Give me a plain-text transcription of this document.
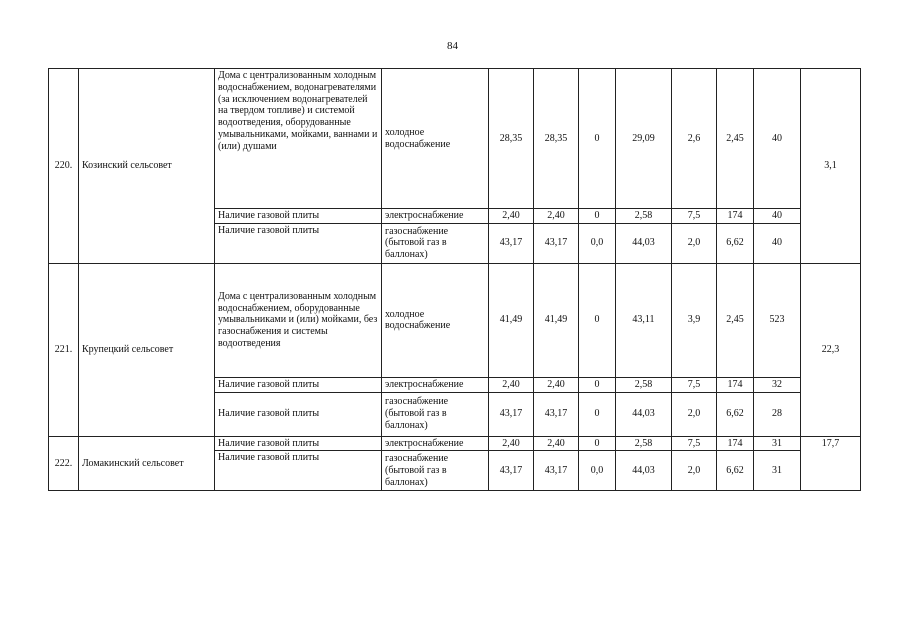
84
220.	Козинский сельсовет	Дома с централизованным холодным водоснабжением, водонагревателями (за исключением водонагревателей на твердом топливе) и системой водоотведения, оборудованные умывальниками, мойками, ваннами и (или) душами	холодное водоснабжение	28,35	28,35	0	29,09	2,6	2,45	40	3,1
		Наличие газовой плиты	электроснабжение	2,40	2,40	0	2,58	7,5	174	40	
		Наличие газовой плиты	газоснабжение (бытовой газ в баллонах)	43,17	43,17	0,0	44,03	2,0	6,62	40	
221.	Крупецкий сельсовет	Дома с централизованным холодным водоснабжением, оборудованные умывальниками и (или) мойками, без газоснабжения и системы водоотведения	холодное водоснабжение	41,49	41,49	0	43,11	3,9	2,45	523	22,3
		Наличие газовой плиты	электроснабжение	2,40	2,40	0	2,58	7,5	174	32	
		Наличие газовой плиты	газоснабжение (бытовой газ в баллонах)	43,17	43,17	0	44,03	2,0	6,62	28	
222.	Ломакинский сельсовет	Наличие газовой плиты	электроснабжение	2,40	2,40	0	2,58	7,5	174	31	17,7
		Наличие газовой плиты	газоснабжение (бытовой газ в баллонах)	43,17	43,17	0,0	44,03	2,0	6,62	31	
